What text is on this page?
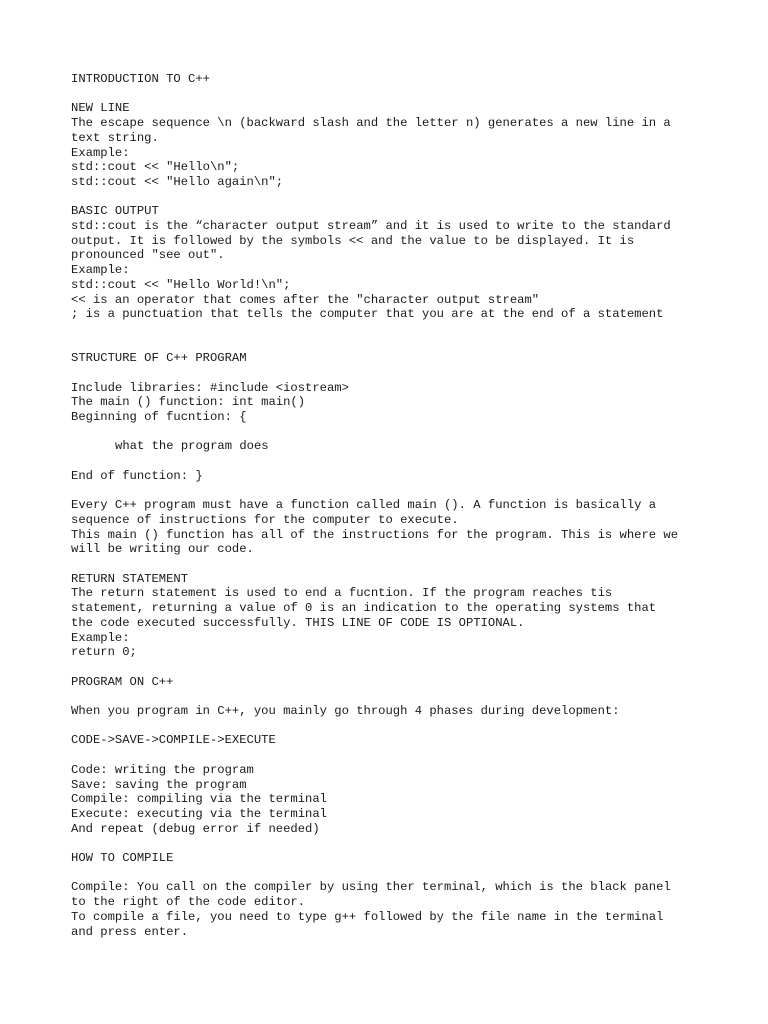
INTRODUCTION TO C++
NEW LINE
The escape sequence \n (backward slash and the letter n) generates a new line in a
text string.
Example:
std::cout << "Hello\n";
std::cout << "Hello again\n";
BASIC OUTPUT
std::cout is the “character output stream” and it is used to write to the standard
output. It is followed by the symbols << and the value to be displayed. It is
pronounced "see out".
Example:
std::cout << "Hello World!\n";
<< is an operator that comes after the "character output stream"
; is a punctuation that tells the computer that you are at the end of a statement
STRUCTURE OF C++ PROGRAM
Include libraries: #include <iostream>
The main () function: int main()
Beginning of fucntion: {
what the program does
End of function: }
Every C++ program must have a function called main (). A function is basically a
sequence of instructions for the computer to execute.
This main () function has all of the instructions for the program. This is where we
will be writing our code.
RETURN STATEMENT
The return statement is used to end a fucntion. If the program reaches tis
statement, returning a value of 0 is an indication to the operating systems that
the code executed successfully. THIS LINE OF CODE IS OPTIONAL.
Example:
return 0;
PROGRAM ON C++
When you program in C++, you mainly go through 4 phases during development:
CODE->SAVE->COMPILE->EXECUTE
Code: writing the program
Save: saving the program
Compile: compiling via the terminal
Execute: executing via the terminal
And repeat (debug error if needed)
HOW TO COMPILE
Compile: You call on the compiler by using ther terminal, which is the black panel
to the right of the code editor.
To compile a file, you need to type g++ followed by the file name in the terminal
and press enter.
